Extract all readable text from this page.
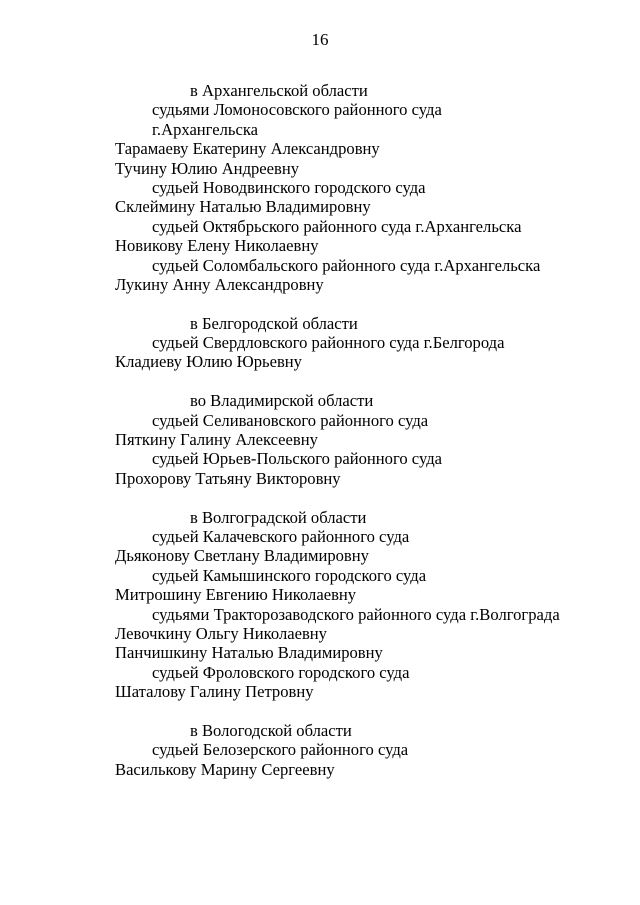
16
в Архангельской области
судьями Ломоносовского районного суда
г.Архангельска
Тарамаеву Екатерину Александровну
Тучину Юлию Андреевну
судьей Новодвинского городского суда
Склеймину Наталью Владимировну
судьей Октябрьского районного суда г.Архангельска
Новикову Елену Николаевну
судьей Соломбальского районного суда г.Архангельска
Лукину Анну Александровну
в Белгородской области
судьей Свердловского районного суда г.Белгорода
Кладиеву Юлию Юрьевну
во Владимирской области
судьей Селивановского районного суда
Пяткину Галину Алексеевну
судьей Юрьев-Польского районного суда
Прохорову Татьяну Викторовну
в Волгоградской области
судьей Калачевского районного суда
Дьяконову Светлану Владимировну
судьей Камышинского городского суда
Митрошину Евгению Николаевну
судьями Тракторозаводского районного суда г.Волгограда
Левочкину Ольгу Николаевну
Панчишкину Наталью Владимировну
судьей Фроловского городского суда
Шаталову Галину Петровну
в Вологодской области
судьей Белозерского районного суда
Василькову Марину Сергеевну
